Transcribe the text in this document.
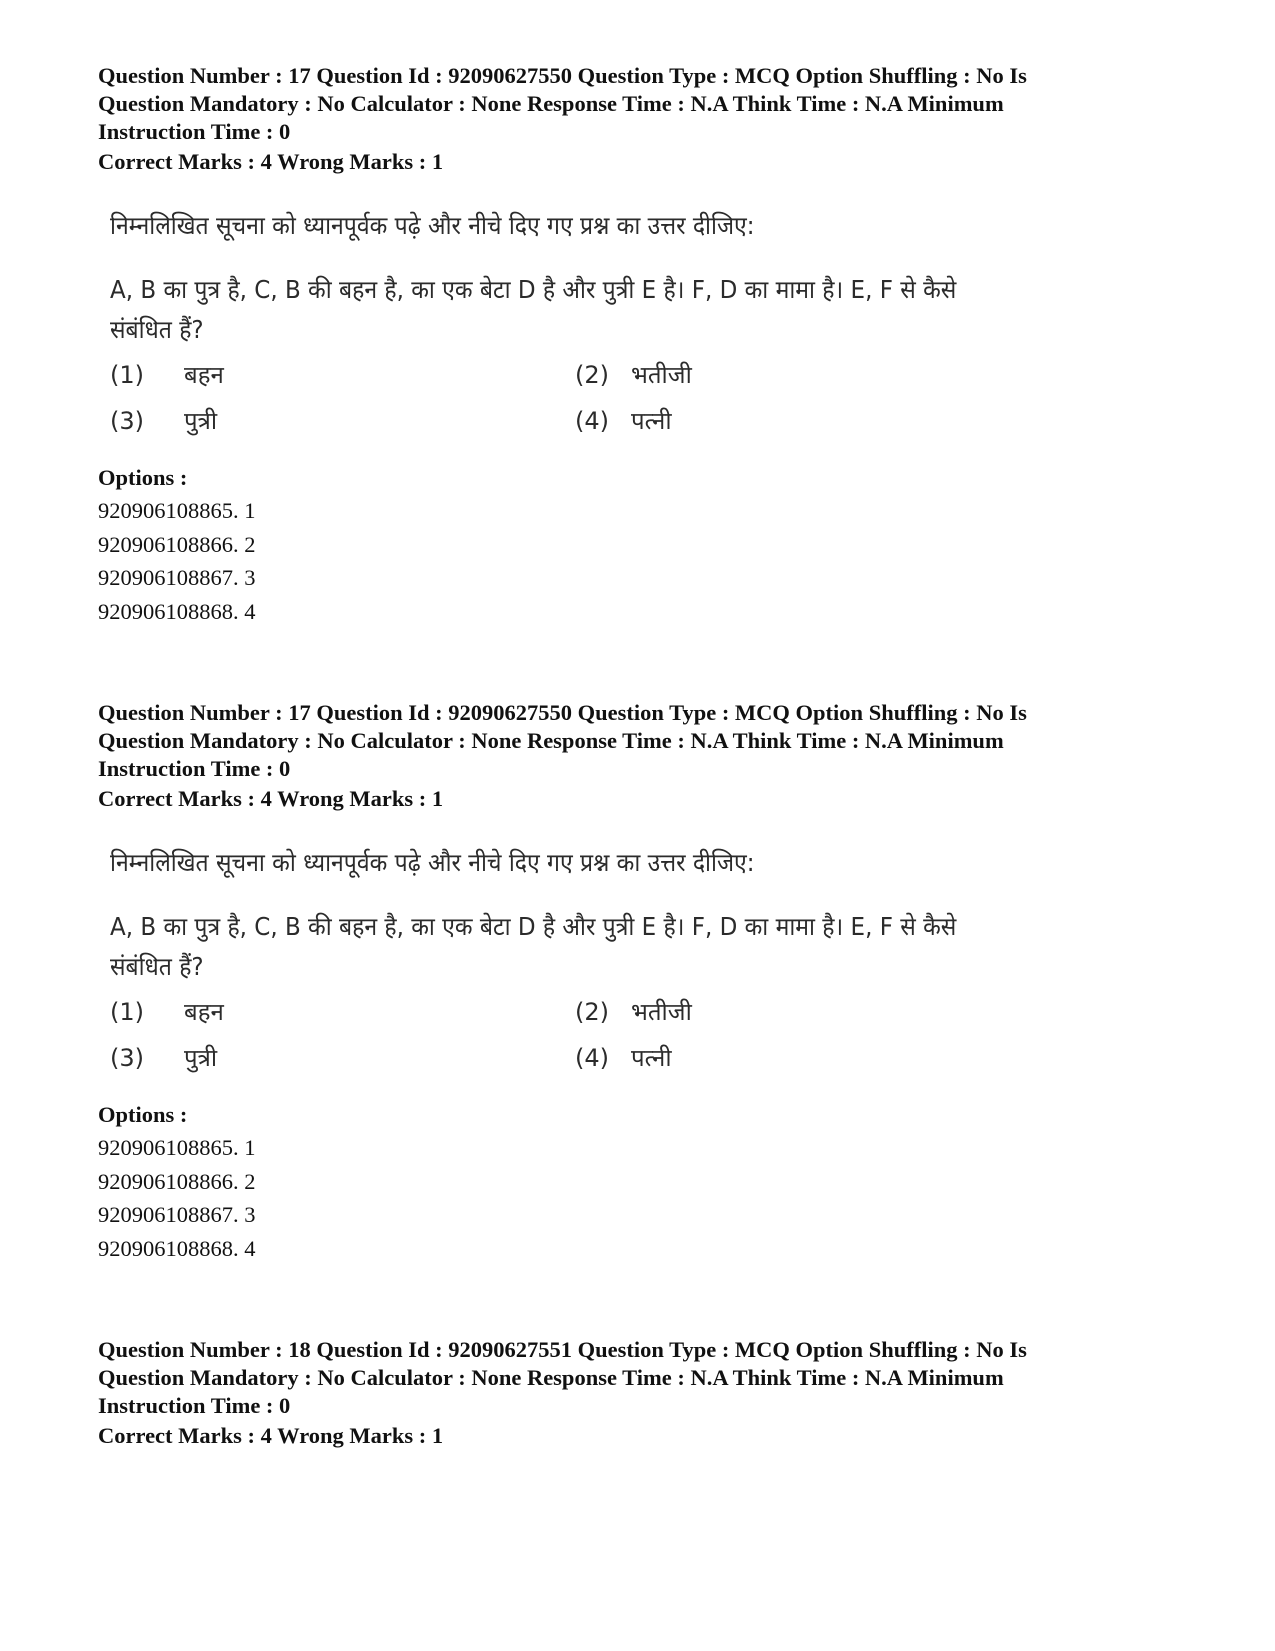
Question Number : 17 Question Id : 92090627550 Question Type : MCQ Option Shuffling : No Is
Question Mandatory : No Calculator : None Response Time : N.A Think Time : N.A Minimum
Instruction Time : 0
Correct Marks : 4 Wrong Marks : 1
निम्नलिखित सूचना को ध्यानपूर्वक पढ़े और नीचे दिए गए प्रश्न का उत्तर दीजिए:
A, B का पुत्र है, C, B की बहन है, का एक बेटा D है और पुत्री E है। F, D का मामा है। E, F से कैसे
संबंधित हैं?
(1) बहन	(2) भतीजी
(3) पुत्री	(4) पत्नी
Options :
920906108865. 1
920906108866. 2
920906108867. 3
920906108868. 4
Question Number : 17 Question Id : 92090627550 Question Type : MCQ Option Shuffling : No Is
Question Mandatory : No Calculator : None Response Time : N.A Think Time : N.A Minimum
Instruction Time : 0
Correct Marks : 4 Wrong Marks : 1
निम्नलिखित सूचना को ध्यानपूर्वक पढ़े और नीचे दिए गए प्रश्न का उत्तर दीजिए:
A, B का पुत्र है, C, B की बहन है, का एक बेटा D है और पुत्री E है। F, D का मामा है। E, F से कैसे
संबंधित हैं?
(1) बहन	(2) भतीजी
(3) पुत्री	(4) पत्नी
Options :
920906108865. 1
920906108866. 2
920906108867. 3
920906108868. 4
Question Number : 18 Question Id : 92090627551 Question Type : MCQ Option Shuffling : No Is
Question Mandatory : No Calculator : None Response Time : N.A Think Time : N.A Minimum
Instruction Time : 0
Correct Marks : 4 Wrong Marks : 1
